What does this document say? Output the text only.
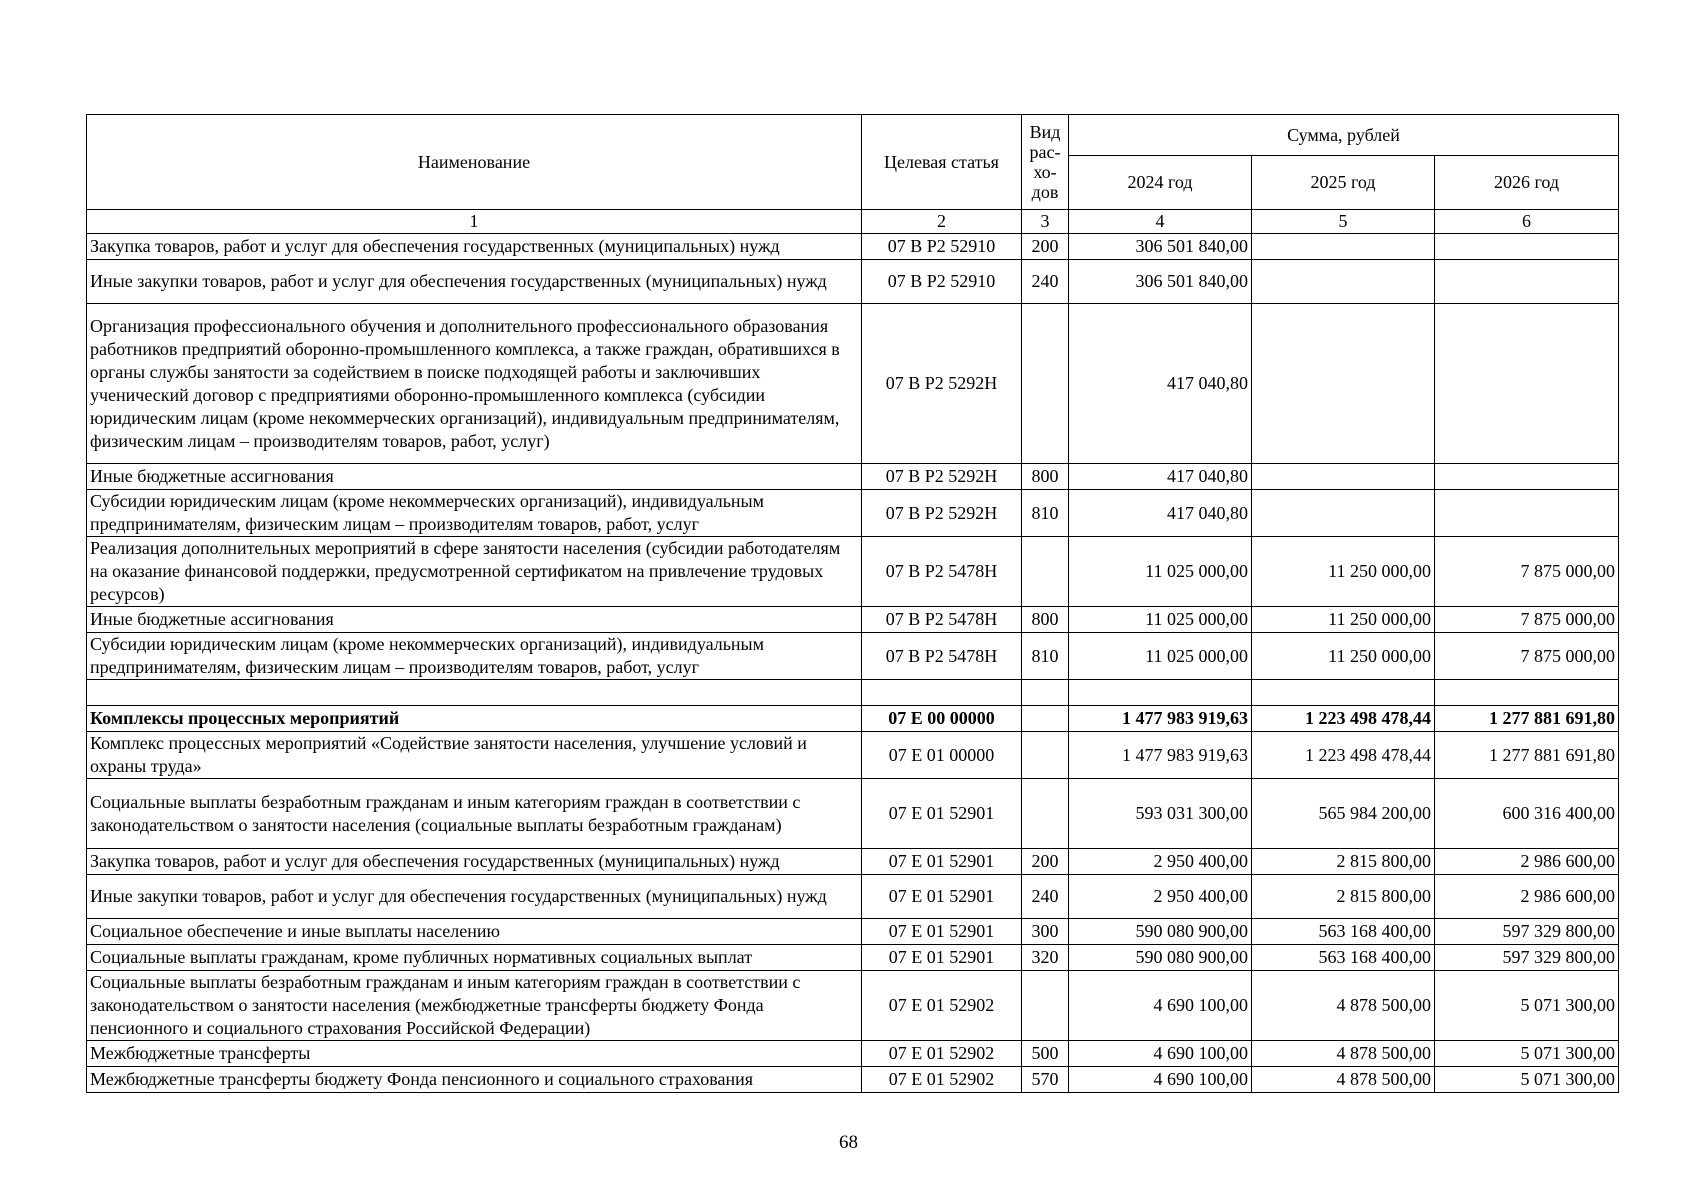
Наименование	Целевая статья	Вид рас-хо-дов	Сумма, рублей		
			2024 год	2025 год	2026 год
1	2	3	4	5	6
Закупка товаров, работ и услуг для обеспечения государственных (муниципальных) нужд	07 В Р2 52910	200	306 501 840,00		
Иные закупки товаров, работ и услуг для обеспечения государственных (муниципальных) нужд	07 В Р2 52910	240	306 501 840,00		
Организация профессионального обучения и дополнительного профессионального образования работников предприятий оборонно-промышленного комплекса, а также граждан, обратившихся в органы службы занятости за содействием в поиске подходящей работы и заключивших ученический договор с предприятиями оборонно-промышленного комплекса (субсидии юридическим лицам (кроме некоммерческих организаций), индивидуальным предпринимателям, физическим лицам – производителям товаров, работ, услуг)	07 В Р2 5292Н		417 040,80		
Иные бюджетные ассигнования	07 В Р2 5292Н	800	417 040,80		
Субсидии юридическим лицам (кроме некоммерческих организаций), индивидуальным предпринимателям, физическим лицам – производителям товаров, работ, услуг	07 В Р2 5292Н	810	417 040,80		
Реализация дополнительных мероприятий в сфере занятости населения (субсидии работодателям на оказание финансовой поддержки, предусмотренной сертификатом на привлечение трудовых ресурсов)	07 В Р2 5478Н		11 025 000,00	11 250 000,00	7 875 000,00
Иные бюджетные ассигнования	07 В Р2 5478Н	800	11 025 000,00	11 250 000,00	7 875 000,00
Субсидии юридическим лицам (кроме некоммерческих организаций), индивидуальным предпринимателям, физическим лицам – производителям товаров, работ, услуг	07 В Р2 5478Н	810	11 025 000,00	11 250 000,00	7 875 000,00

Комплексы процессных мероприятий	07 Е 00 00000		1 477 983 919,63	1 223 498 478,44	1 277 881 691,80
Комплекс процессных мероприятий «Содействие занятости населения, улучшение условий и охраны труда»	07 Е 01 00000		1 477 983 919,63	1 223 498 478,44	1 277 881 691,80
Социальные выплаты безработным гражданам и иным категориям граждан в соответствии с законодательством о занятости населения (социальные выплаты безработным гражданам)	07 Е 01 52901		593 031 300,00	565 984 200,00	600 316 400,00
Закупка товаров, работ и услуг для обеспечения государственных (муниципальных) нужд	07 Е 01 52901	200	2 950 400,00	2 815 800,00	2 986 600,00
Иные закупки товаров, работ и услуг для обеспечения государственных (муниципальных) нужд	07 Е 01 52901	240	2 950 400,00	2 815 800,00	2 986 600,00
Социальное обеспечение и иные выплаты населению	07 Е 01 52901	300	590 080 900,00	563 168 400,00	597 329 800,00
Социальные выплаты гражданам, кроме публичных нормативных социальных выплат	07 Е 01 52901	320	590 080 900,00	563 168 400,00	597 329 800,00
Социальные выплаты безработным гражданам и иным категориям граждан в соответствии с законодательством о занятости населения (межбюджетные трансферты бюджету Фонда пенсионного и социального страхования Российской Федерации)	07 Е 01 52902		4 690 100,00	4 878 500,00	5 071 300,00
Межбюджетные трансферты	07 Е 01 52902	500	4 690 100,00	4 878 500,00	5 071 300,00
Межбюджетные трансферты бюджету Фонда пенсионного и социального страхования	07 Е 01 52902	570	4 690 100,00	4 878 500,00	5 071 300,00
68
